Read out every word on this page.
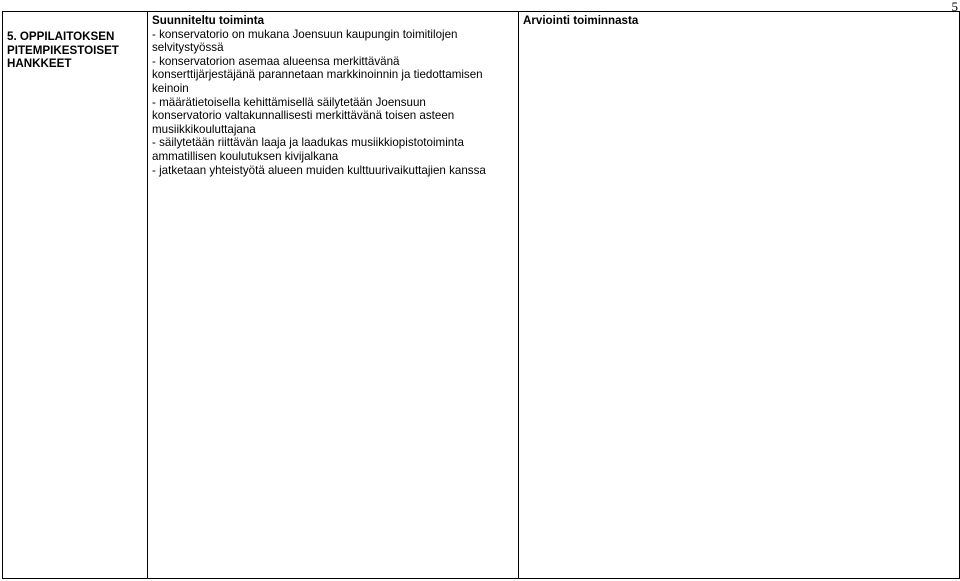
5
5. OPPILAITOKSEN
PITEMPIKESTOISET
HANKKEET

Suunniteltu toiminta
- konservatorio on mukana Joensuun kaupungin toimitilojen
selvitystyössä
- konservatorion asemaa alueensa merkittävänä
konserttijärjestäjänä parannetaan markkinoinnin ja tiedottamisen
keinoin
- määrätietoisella kehittämisellä säilytetään Joensuun
konservatorio valtakunnallisesti merkittävänä toisen asteen
musiikkikouluttajana
- säilytetään riittävän laaja ja laadukas musiikkiopistotoiminta
ammatillisen koulutuksen kivijalkana
- jatketaan yhteistyötä alueen muiden kulttuurivaikuttajien kanssa

Arviointi toiminnasta
